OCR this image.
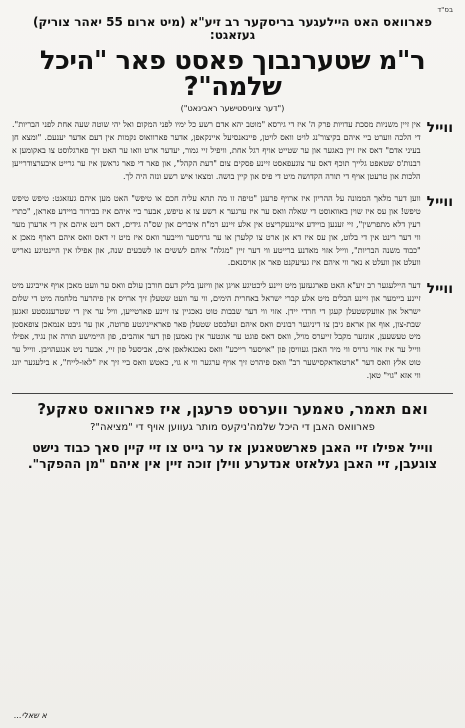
בס"ד
פארוואס האט היילעגער בריסקער רב זיע"א (מיט ארום 55 יאהר צוריק) געזאגט:
ר"מ שטערנבוך פאסט פאר "היכל שלמה"?
("דער ציוניסטישער ראבינאט")
ווייל
אין זיין משניות מסכת עדויות פרק ה' איז די גירסא "מוטב יהא אדם רשע כל ימיו לפני המקום ואל יהי שוטה שעה אחת לפני הבריות". די הלכה ווערט ביי איהם בקיצור'נג לויט וואס לויטן, פיינאנסיעל איינקאפן, אדער פארוואוס נקמות אין דעם אדער יענעם. "ומצא חן בעיני אדם" דאס איז זיין באגער און ער שטייט אויף רגל אחת, וויפיל זיי גמור, יעדער ארט וואו ער האט זיך פארגלוסט צו באקומען א רבנות'ס שטאפט גלייך תוכף דאס ער צוגעפאסט זיינע פסקים צום "דעת הקהל", און פאר די פאר גראשן איז ער גרייט איבערצודרייען הלכות און טרעטן אויף די תורה הקדושה מיט די פיס און קיין בושה. ומצאו איש רשע ונזה היה לך.
ווייל
ווען דער מלאך הממונה על ההריון איז ארויף פרעגן "טיפה זו מה תהא עליה חכם או טיפש" האט מען איהם געזאגט: טיפש טיפש טיפש! און עס איז שוין באוואוסט די שאלה וואס ער איז ערגער א רשע צו א טיפש, אבער ביי איהם איז בבירור בויידע פאראן, "כתרי רעין דלא מתפרשין", זיי זענען בויידע איינגעקריצט אין אלע זיינע רמ"ח איברים און שס"ה גידים, דאס רינט איהם אין די אדערן מער ווי דער רינט אין די בלוט, און עס איז דא אן ארט צו קלערן או ער גרויסער ווייבער וואס איז מיט זי דאס וואס איהם דארף מאכן א "כבוד משנה הבריות", ווייל אזוי מאדנע ברייטע ווי דער זיין "מגלה" איהם לששים או לשבעים שנה, און אפילו אין היינטיגע נאריש וועלט און וועלט א נאר ווי איהם איז געיעקנט פאר אן אויסנאם.
ווייל
דער היילעגער רב זיע"א האט פארגעזען מיט זיינע ליכטיגע אויגן און וויזען בליק דעם חורבן עולם וואס ער וועט מאכן אויף אייביגע מיט זיינע ביימער און זיינע הבלים מיט אלע קברי ישראל באחרית הימים, ווי ער וועט שטעלן זיך ארויס אין פיהרער מלחמה מיט די שלום ישראל און אוועקשטעלן קעגן די חרדי יידן. אזוי ווי דער שבבות טוט נאכגיין צו זיינע פארטייען, וויל ער אין די שטרענגסטע זאגען שבת-צון, אוף און אראפ גיבן צו דיניגער רבונים וואס איהם זעלבסט שטעלן פאר פאראייניגטע פרוטה, און ער גיבט אנמאכן צופאסטן מיט טעשעען, אונזער מקבל זייערס מויל, וואס דאס פוגט ער אונטער אין נאמען פון דער אוהבים, פון היימישע תורה און נגיד, אפילו ווייל ער איז אזוי גרויס ווי מיר האבן געוויסן פון "אויסער רייכע" וואס נאכגאלאפן אים, אביסעל פון זיי, אבער ניט אנגעהויבן. ווייל ער טוט אלץ וואס דער "ארטאדאקסישער רב" וואס פיהרט זיך אויף ערגער ווי א גוי, כאטש וואס ביי זיך איז "לאו-לייח", א בילעגער יונג ווי אזא "גוי" טאן.
ואם תאמר, טאמער ווערסט פרעגן, איז פארוואס טאקע?
פארוואס האבן די היכל שלמה'ניקעס מותר געווען אויף די "מציאה"?
ווייל אפילו זיי האבן פארשטאנען אז ער גייט צו זיי קיין סאך כבוד נישט צוגעבן, זיי האבן געלאזט אנדערע ווילן זוכה זיין אין איהם "מן ההפקר".
א שאלי...
